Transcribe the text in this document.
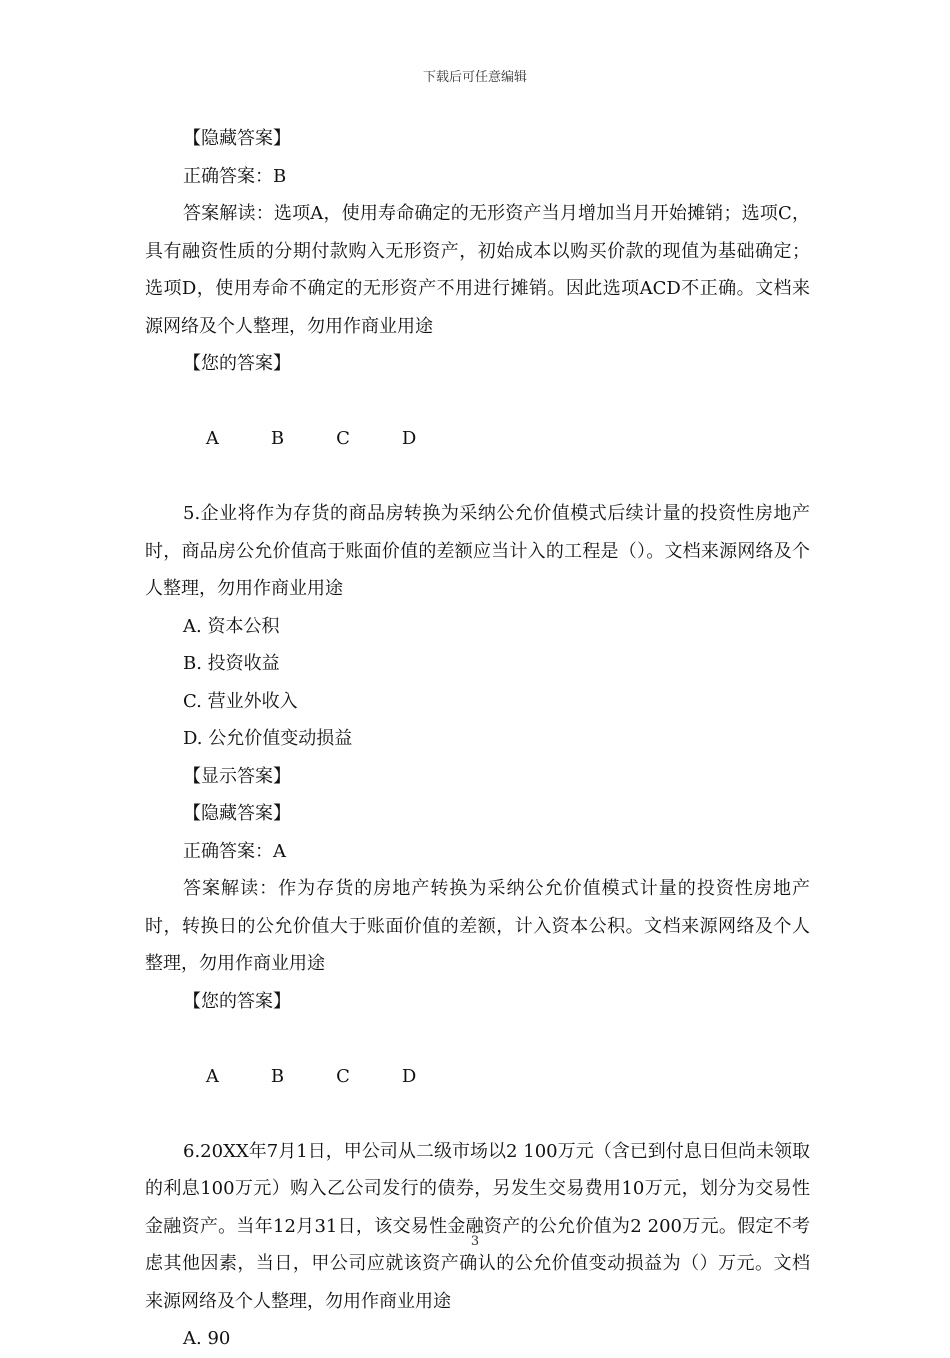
下载后可任意编辑

【隐藏答案】

正确答案：B

答案解读：选项A，使用寿命确定的无形资产当月增加当月开始摊销；选项C，具有融资性质的分期付款购入无形资产，初始成本以购买价款的现值为基础确定；选项D，使用寿命不确定的无形资产不用进行摊销。因此选项ACD不正确。文档来源网络及个人整理，勿用作商业用途

【您的答案】

A	B	C	D

5.企业将作为存货的商品房转换为采纳公允价值模式后续计量的投资性房地产时，商品房公允价值高于账面价值的差额应当计入的工程是（）。文档来源网络及个人整理，勿用作商业用途

A. 资本公积

B. 投资收益

C. 营业外收入

D. 公允价值变动损益

【显示答案】

【隐藏答案】

正确答案：A

答案解读：作为存货的房地产转换为采纳公允价值模式计量的投资性房地产时，转换日的公允价值大于账面价值的差额，计入资本公积。文档来源网络及个人整理，勿用作商业用途

【您的答案】

A	B	C	D

6.20XX年7月1日，甲公司从二级市场以2 100万元（含已到付息日但尚未领取的利息100万元）购入乙公司发行的债券，另发生交易费用10万元，划分为交易性金融资产。当年12月31日，该交易性金融资产的公允价值为2 200万元。假定不考虑其他因素，当日，甲公司应就该资产确认的公允价值变动损益为（）万元。文档来源网络及个人整理，勿用作商业用途

A. 90

3
